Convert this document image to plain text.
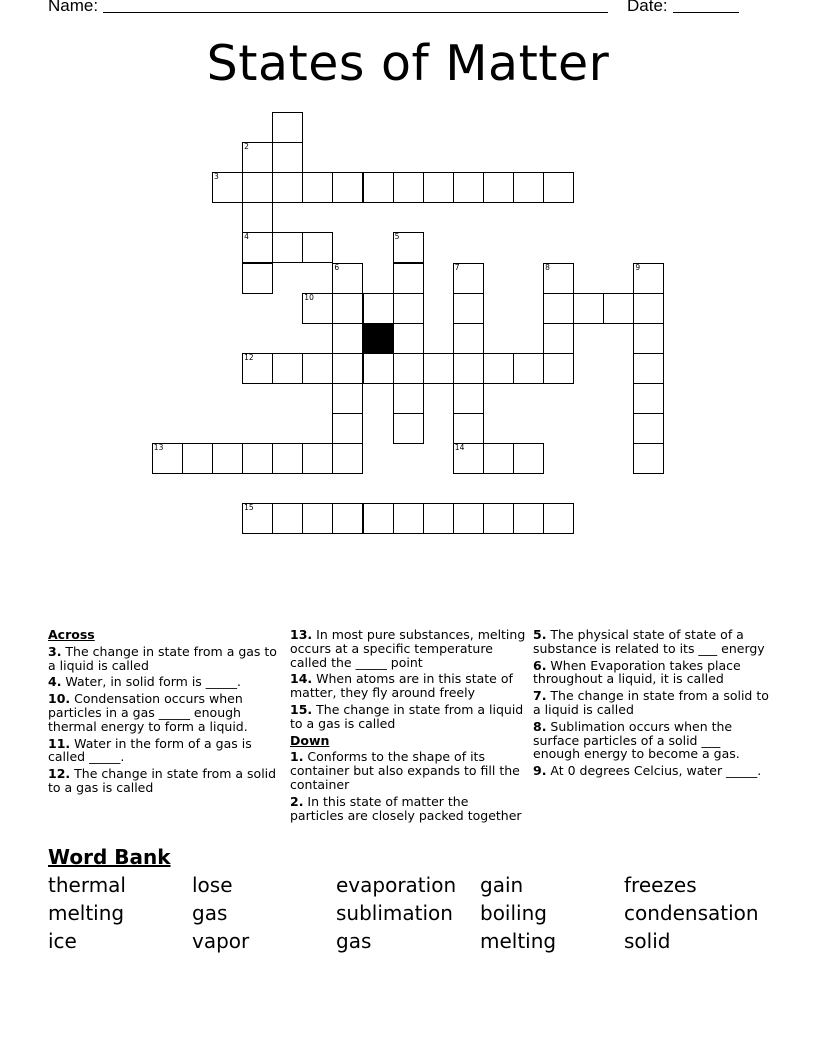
Name:	Date:
States of Matter
2
3
4	5
6	7	8	9
10
12
13	14
15
Across
3. The change in state from a gas to a liquid is called
4. Water, in solid form is _____.
10. Condensation occurs when particles in a gas _____ enough thermal energy to form a liquid.
11. Water in the form of a gas is called _____.
12. The change in state from a solid to a gas is called
13. In most pure substances, melting occurs at a specific temperature called the _____ point
14. When atoms are in this state of matter, they fly around freely
15. The change in state from a liquid to a gas is called
Down
1. Conforms to the shape of its container but also expands to fill the container
2. In this state of matter the particles are closely packed together
5. The physical state of state of a substance is related to its ___ energy
6. When Evaporation takes place throughout a liquid, it is called
7. The change in state from a solid to a liquid is called
8. Sublimation occurs when the surface particles of a solid ___ enough energy to become a gas.
9. At 0 degrees Celcius, water _____.
Word Bank
thermal	lose	evaporation	gain	freezes
melting	gas	sublimation	boiling	condensation
ice	vapor	gas	melting	solid
